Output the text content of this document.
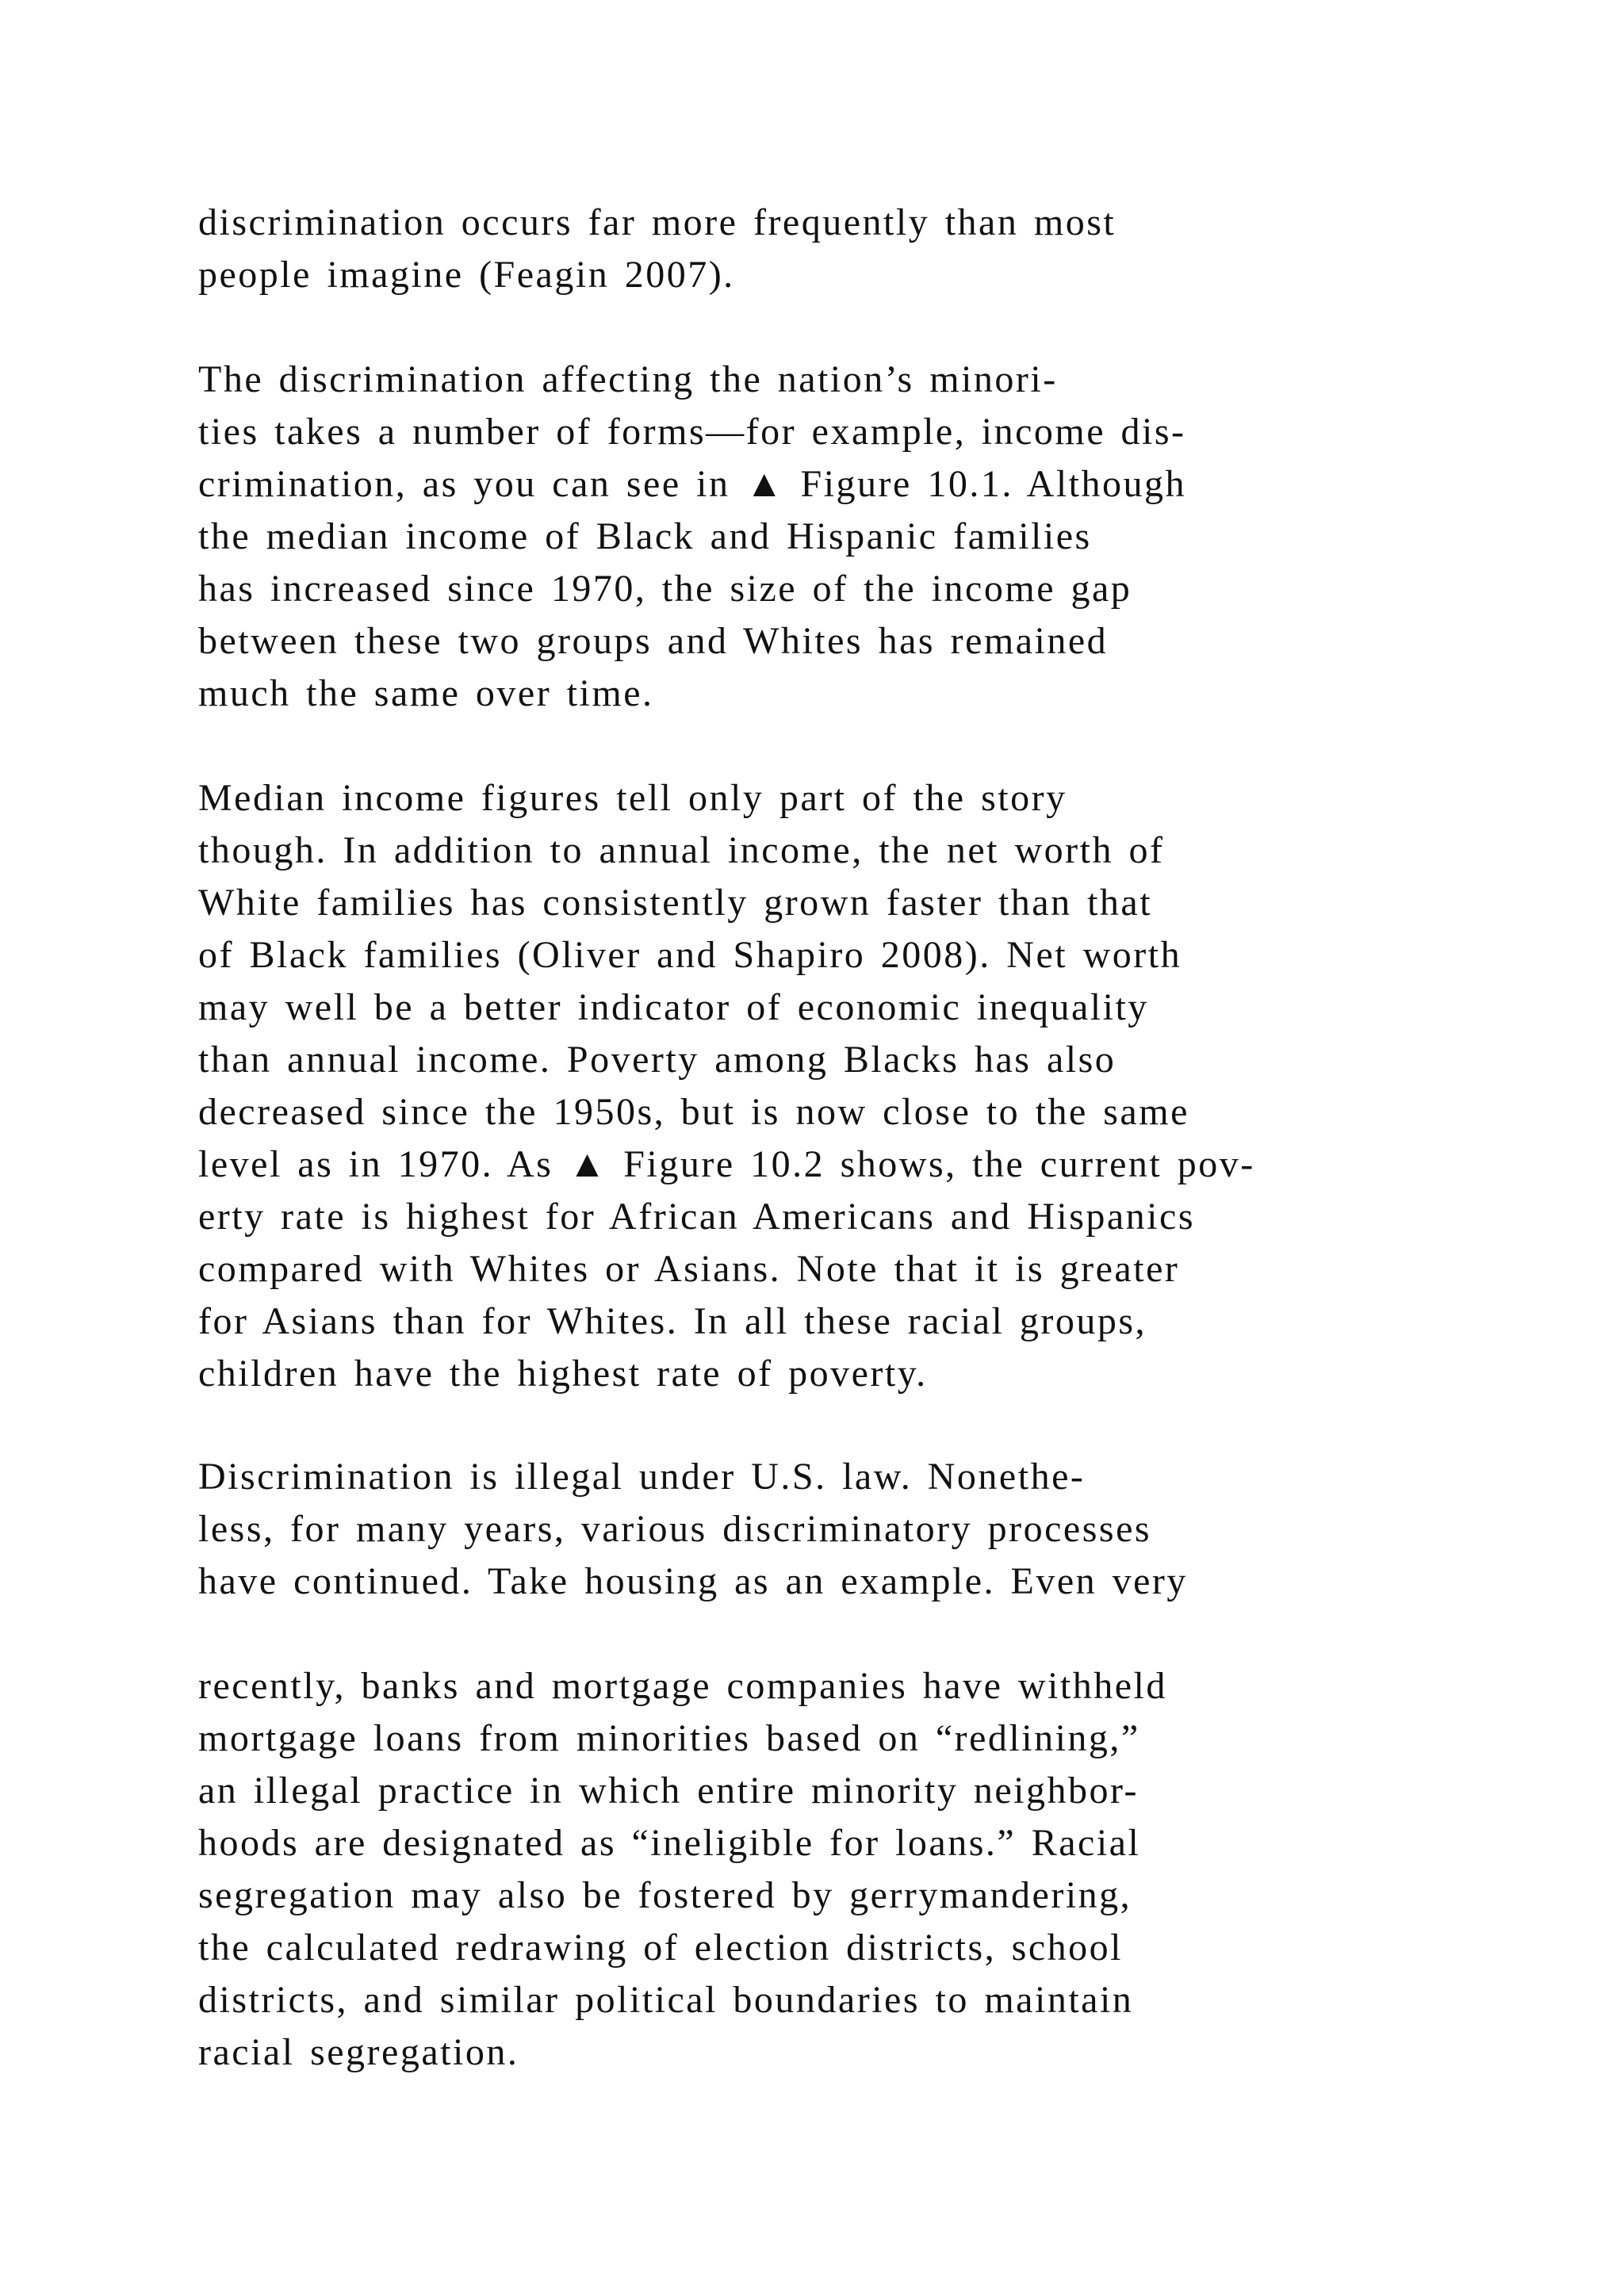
discrimination occurs far more frequently than most
people imagine (Feagin 2007).

The discrimination affecting the nation’s minori-
ties takes a number of forms—for example, income dis-
crimination, as you can see in ▲ Figure 10.1. Although
the median income of Black and Hispanic families
has increased since 1970, the size of the income gap
between these two groups and Whites has remained
much the same over time.

Median income figures tell only part of the story
though. In addition to annual income, the net worth of
White families has consistently grown faster than that
of Black families (Oliver and Shapiro 2008). Net worth
may well be a better indicator of economic inequality
than annual income. Poverty among Blacks has also
decreased since the 1950s, but is now close to the same
level as in 1970. As ▲ Figure 10.2 shows, the current pov-
erty rate is highest for African Americans and Hispanics
compared with Whites or Asians. Note that it is greater
for Asians than for Whites. In all these racial groups,
children have the highest rate of poverty.

Discrimination is illegal under U.S. law. Nonethe-
less, for many years, various discriminatory processes
have continued. Take housing as an example. Even very

recently, banks and mortgage companies have withheld
mortgage loans from minorities based on “redlining,”
an illegal practice in which entire minority neighbor-
hoods are designated as “ineligible for loans.” Racial
segregation may also be fostered by gerrymandering,
the calculated redrawing of election districts, school
districts, and similar political boundaries to maintain
racial segregation.
